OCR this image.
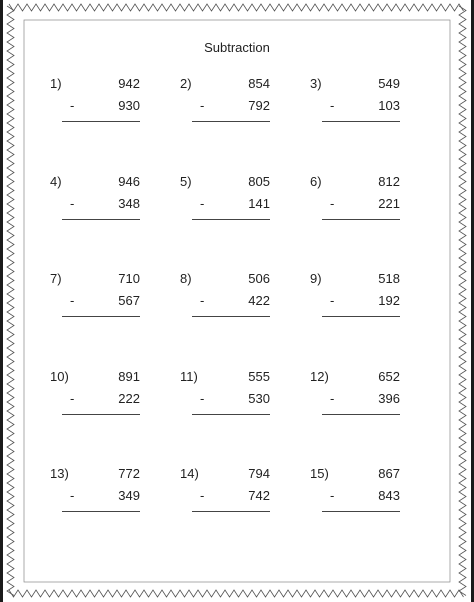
Subtraction
1)	942
-	930
2)	854
-	792
3)	549
-	103
4)	946
-	348
5)	805
-	141
6)	812
-	221
7)	710
-	567
8)	506
-	422
9)	518
-	192
10)	891
-	222
11)	555
-	530
12)	652
-	396
13)	772
-	349
14)	794
-	742
15)	867
-	843
